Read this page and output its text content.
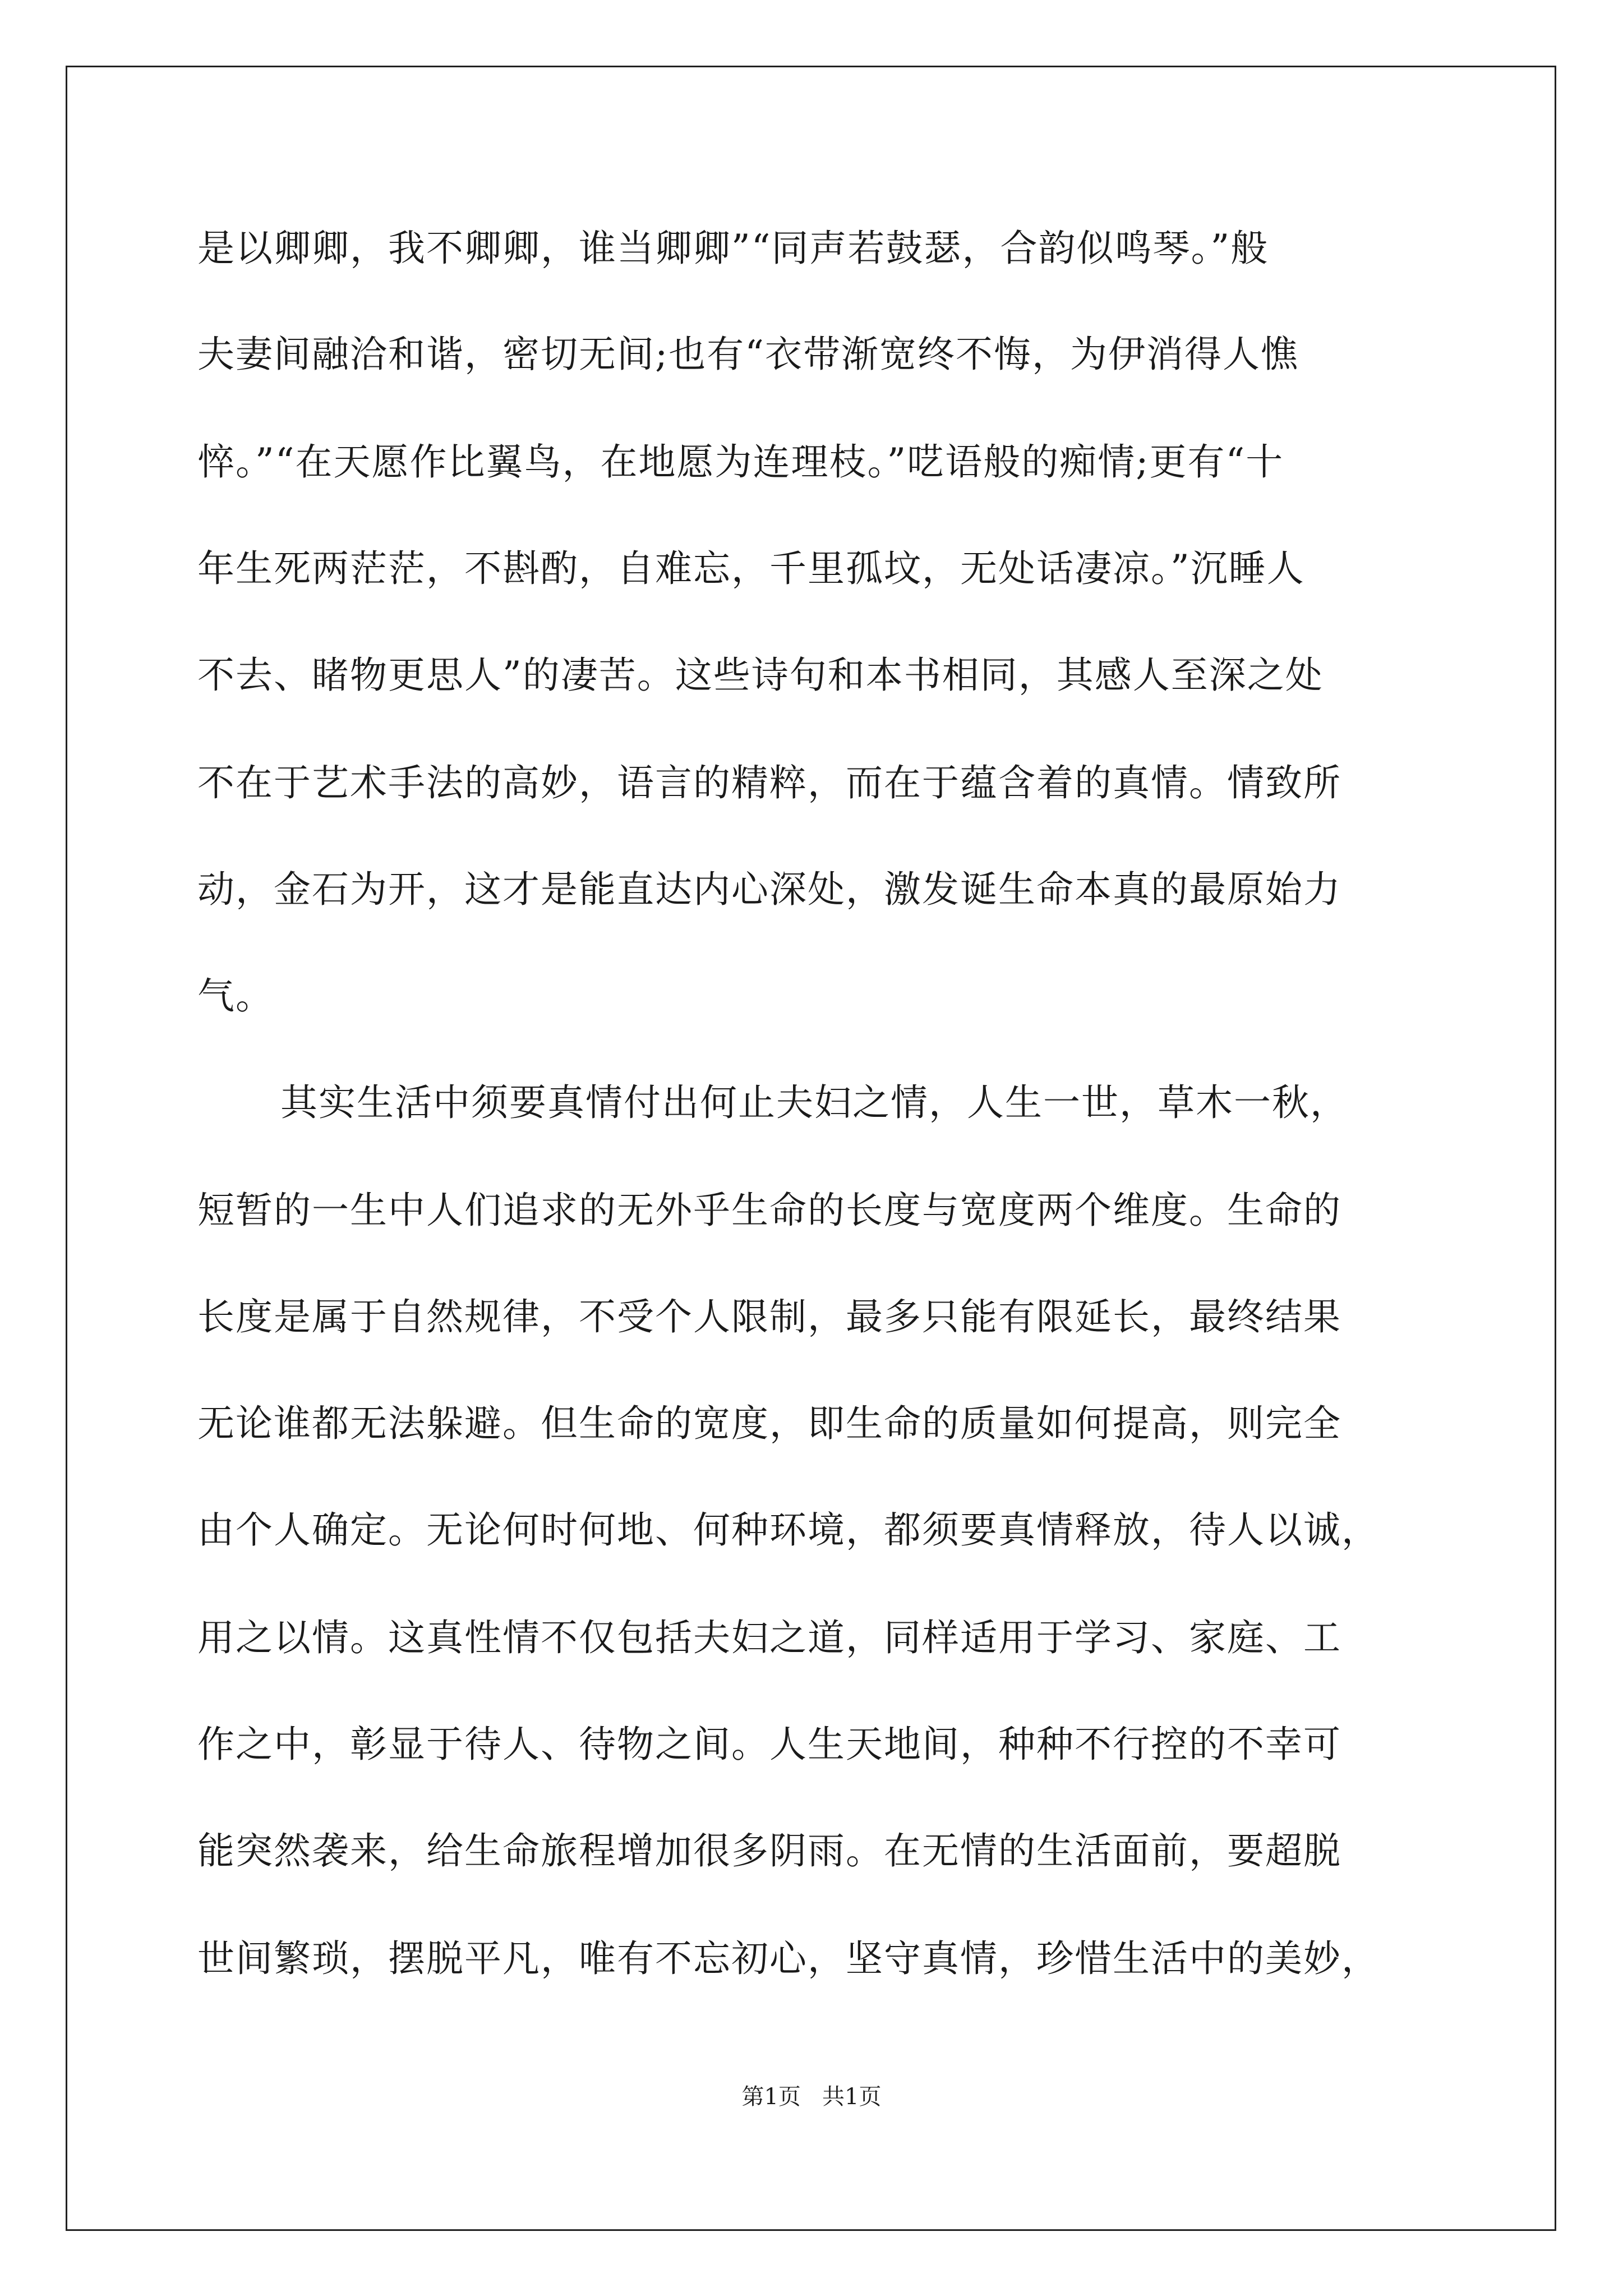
是以卿卿，我不卿卿，谁当卿卿”“同声若鼓瑟，合韵似鸣琴。”般
夫妻间融洽和谐，密切无间;也有“衣带渐宽终不悔，为伊消得人憔
悴。”“在天愿作比翼鸟，在地愿为连理枝。”呓语般的痴情;更有“十
年生死两茫茫，不斟酌，自难忘，千里孤坟，无处话凄凉。”沉睡人
不去、睹物更思人”的凄苦。这些诗句和本书相同，其感人至深之处
不在于艺术手法的高妙，语言的精粹，而在于蕴含着的真情。情致所
动，金石为开，这才是能直达内心深处，激发诞生命本真的最原始力
气。
其实生活中须要真情付出何止夫妇之情，人生一世，草木一秋，
短暂的一生中人们追求的无外乎生命的长度与宽度两个维度。生命的
长度是属于自然规律，不受个人限制，最多只能有限延长，最终结果
无论谁都无法躲避。但生命的宽度，即生命的质量如何提高，则完全
由个人确定。无论何时何地、何种环境，都须要真情释放，待人以诚，
用之以情。这真性情不仅包括夫妇之道，同样适用于学习、家庭、工
作之中，彰显于待人、待物之间。人生天地间，种种不行控的不幸可
能突然袭来，给生命旅程增加很多阴雨。在无情的生活面前，要超脱
世间繁琐，摆脱平凡，唯有不忘初心，坚守真情，珍惜生活中的美妙，
第1页   共1页
